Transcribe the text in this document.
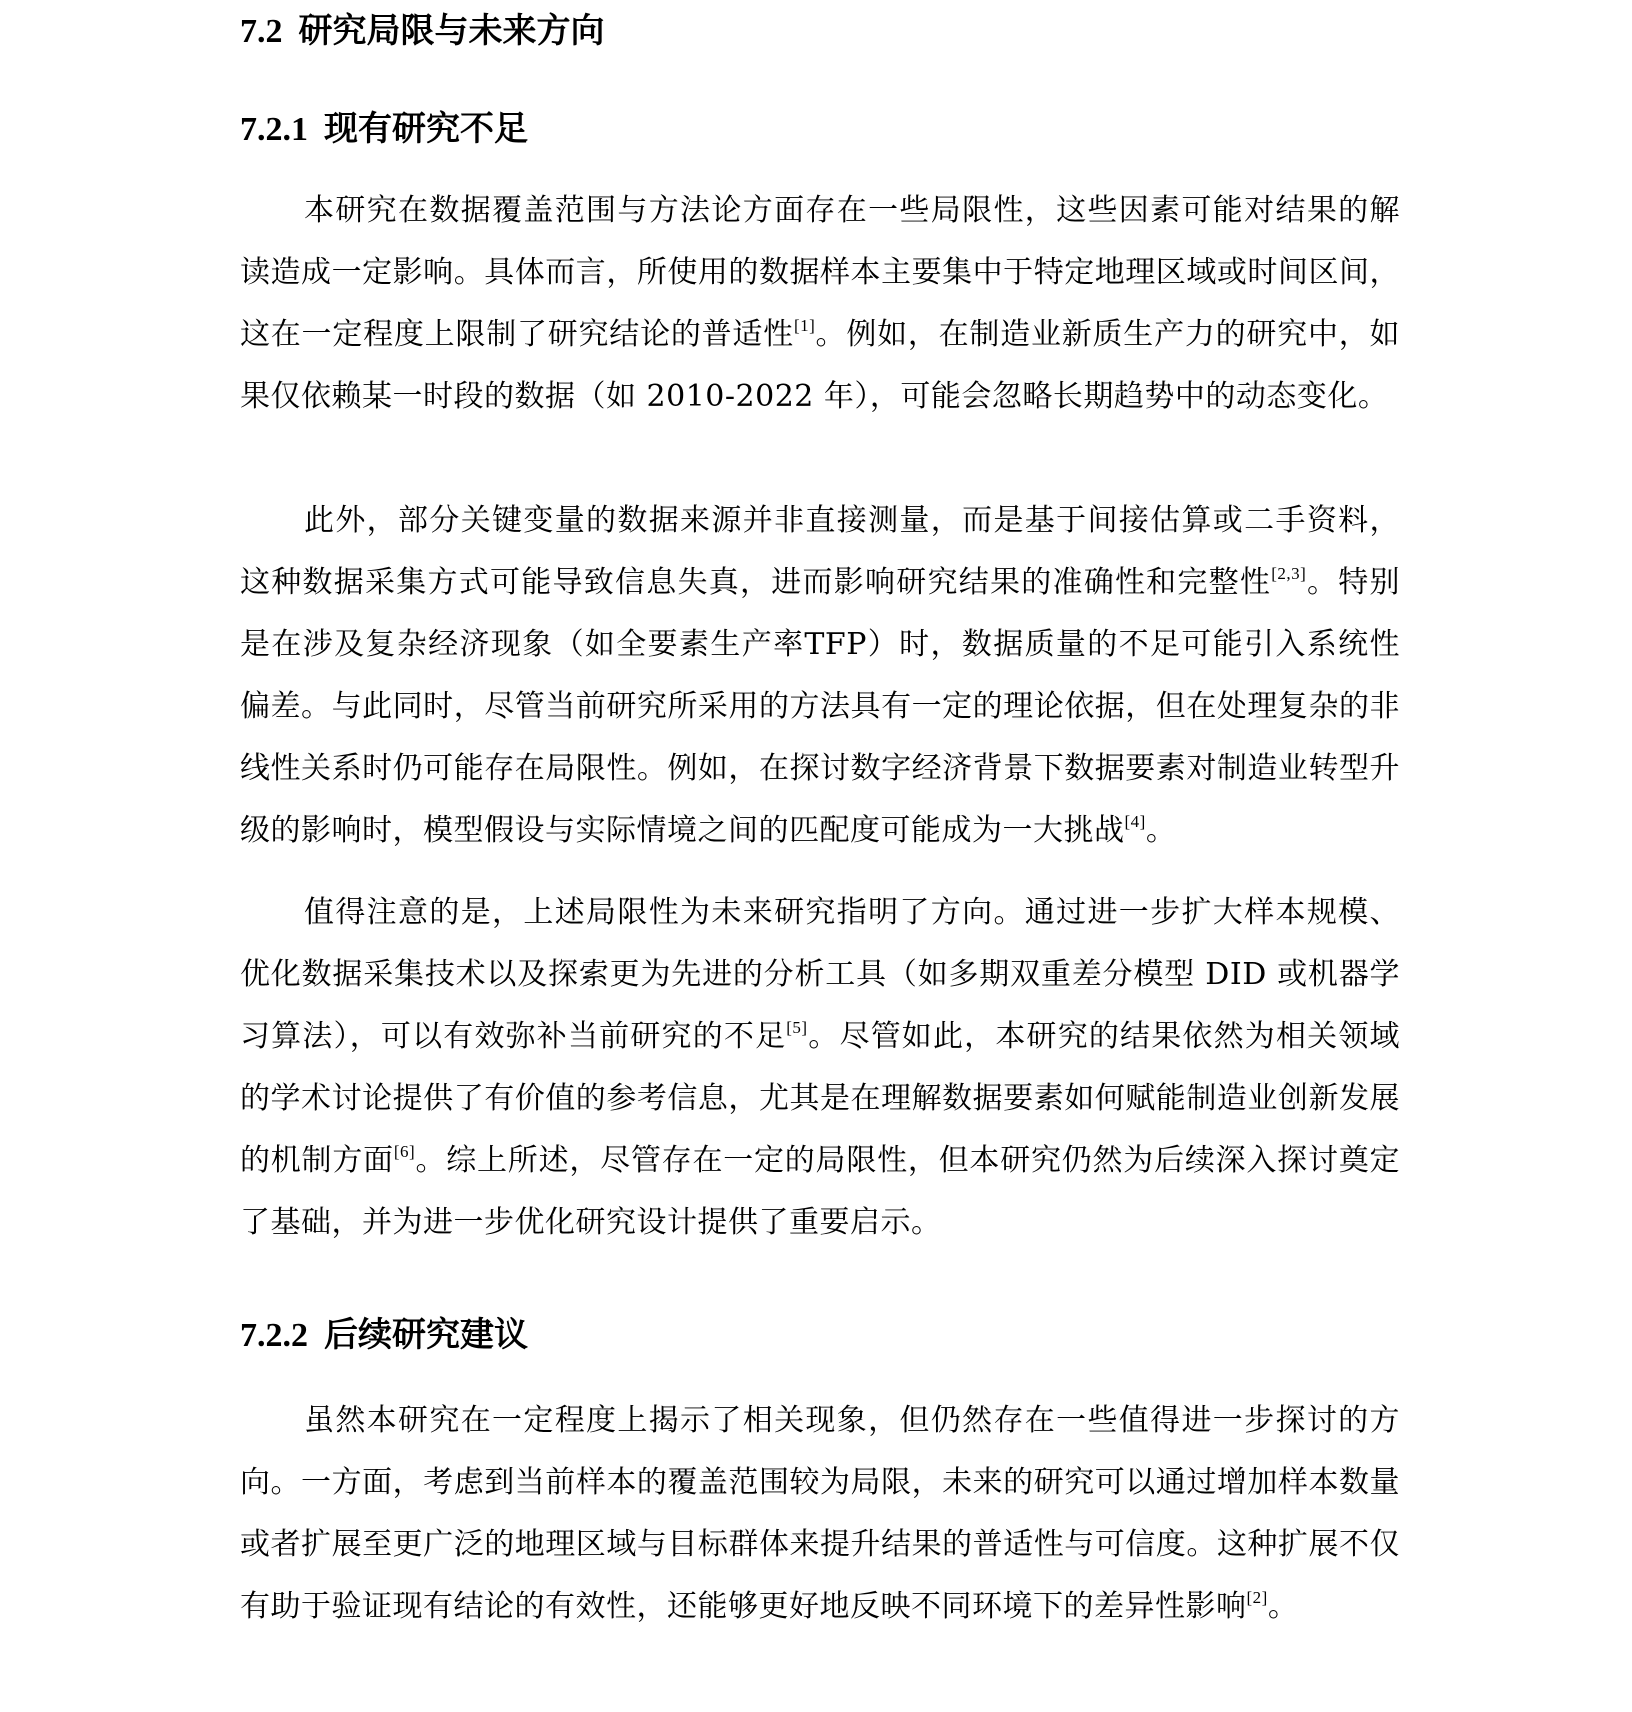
7.2 研究局限与未来方向
7.2.1 现有研究不足

本研究在数据覆盖范围与方法论方面存在一些局限性，这些因素可能对结果的解读造成一定影响。具体而言，所使用的数据样本主要集中于特定地理区域或时间区间，这在一定程度上限制了研究结论的普适性[1]。例如，在制造业新质生产力的研究中，如果仅依赖某一时段的数据（如 2010-2022 年），可能会忽略长期趋势中的动态变化。

此外，部分关键变量的数据来源并非直接测量，而是基于间接估算或二手资料，这种数据采集方式可能导致信息失真，进而影响研究结果的准确性和完整性[2,3]。特别是在涉及复杂经济现象（如全要素生产率TFP）时，数据质量的不足可能引入系统性偏差。与此同时，尽管当前研究所采用的方法具有一定的理论依据，但在处理复杂的非线性关系时仍可能存在局限性。例如，在探讨数字经济背景下数据要素对制造业转型升级的影响时，模型假设与实际情境之间的匹配度可能成为一大挑战[4]。

值得注意的是，上述局限性为未来研究指明了方向。通过进一步扩大样本规模、优化数据采集技术以及探索更为先进的分析工具（如多期双重差分模型 DID 或机器学习算法），可以有效弥补当前研究的不足[5]。尽管如此，本研究的结果依然为相关领域的学术讨论提供了有价值的参考信息，尤其是在理解数据要素如何赋能制造业创新发展的机制方面[6]。综上所述，尽管存在一定的局限性，但本研究仍然为后续深入探讨奠定了基础，并为进一步优化研究设计提供了重要启示。

7.2.2 后续研究建议

虽然本研究在一定程度上揭示了相关现象，但仍然存在一些值得进一步探讨的方向。一方面，考虑到当前样本的覆盖范围较为局限，未来的研究可以通过增加样本数量或者扩展至更广泛的地理区域与目标群体来提升结果的普适性与可信度。这种扩展不仅有助于验证现有结论的有效性，还能够更好地反映不同环境下的差异性影响[2]。
